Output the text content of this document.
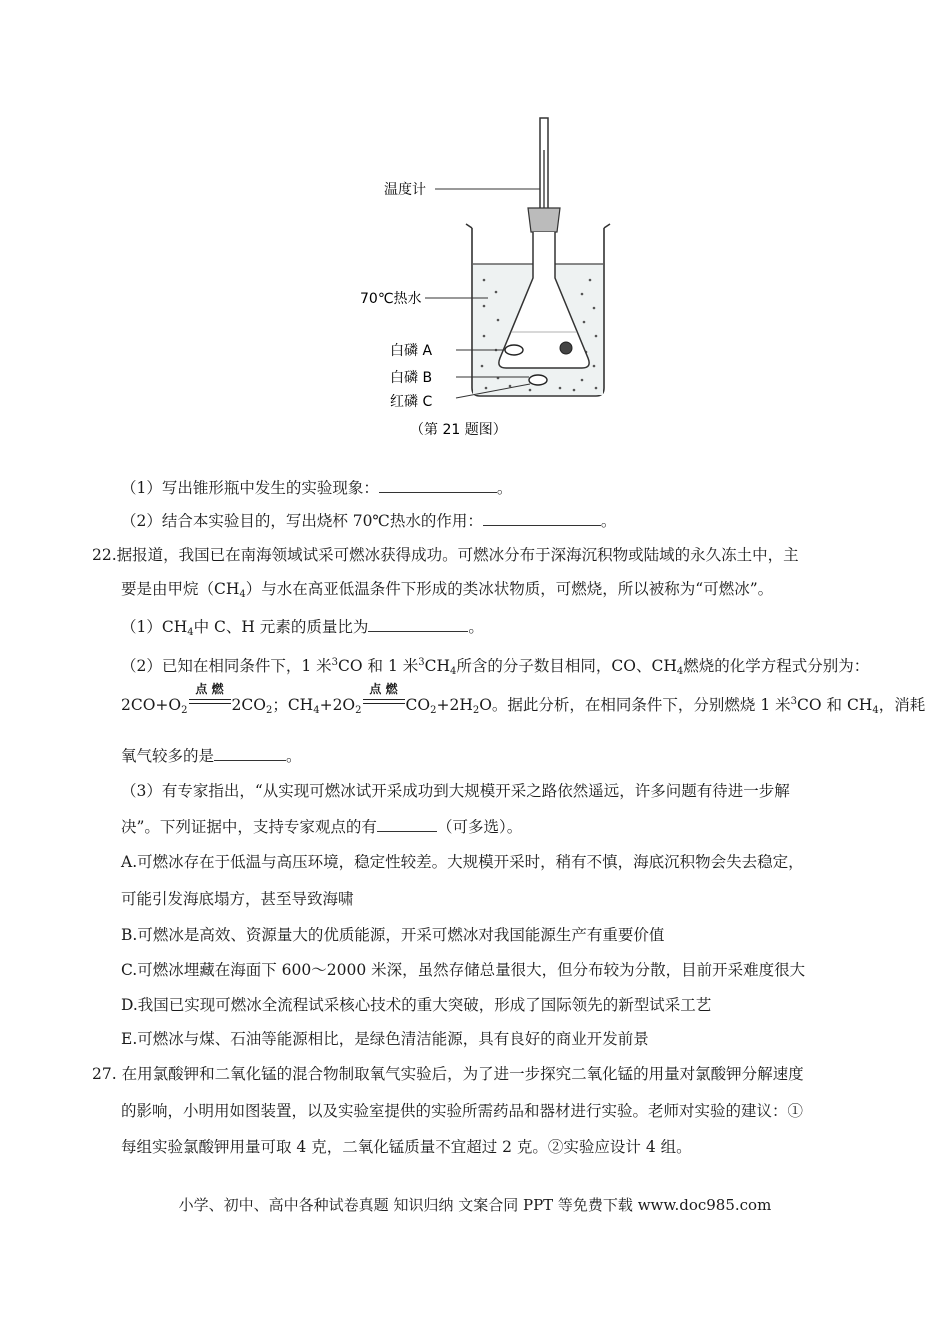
温度计
70℃热水
白磷 A
白磷 B
红磷 C
（第 21 题图）
（1）写出锥形瓶中发生的实验现象：	。
（2）结合本实验目的，写出烧杯 70℃热水的作用：	。
22.据报道，我国已在南海领域试采可燃冰获得成功。可燃冰分布于深海沉积物或陆域的永久冻土中，主
要是由甲烷$(CH_4)$与水在高亚低温条件下形成的类冰状物质，可燃烧，所以被称为“可燃冰”。
$(1)CH_4$中 C、H 元素的质量比为	。
（2）已知在相同条件下，1 米$^3$CO 和 1 米$^3CH_4$所含的分子数目相同，CO、$CH_4$燃烧的化学方程式分别为：
$2CO+O_2$
点 燃
$2CO_2$；$CH_4+2O_2$
点 燃
$CO_2+2H_2O$。据此分析，在相同条件下，分别燃烧 1 米$^3$CO 和 $CH_4$，消耗
氧气较多的是	。
（3）有专家指出，“从实现可燃冰试开采成功到大规模开采之路依然遥远，许多问题有待进一步解
决”。下列证据中，支持专家观点的有	（可多选）。
A.可燃冰存在于低温与高压环境，稳定性较差。大规模开采时，稍有不慎，海底沉积物会失去稳定，
可能引发海底塌方，甚至导致海啸
B.可燃冰是高效、资源量大的优质能源，开采可燃冰对我国能源生产有重要价值
C.可燃冰埋藏在海面下 600～2000 米深，虽然存储总量很大，但分布较为分散，目前开采难度很大
D.我国已实现可燃冰全流程试采核心技术的重大突破，形成了国际领先的新型试采工艺
E.可燃冰与煤、石油等能源相比，是绿色清洁能源，具有良好的商业开发前景
27. 在用氯酸钾和二氧化锰的混合物制取氧气实验后，为了进一步探究二氧化锰的用量对氯酸钾分解速度
的影响，小明用如图装置，以及实验室提供的实验所需药品和器材进行实验。老师对实验的建议：①
每组实验氯酸钾用量可取 4 克，二氧化锰质量不宜超过 2 克。②实验应设计 4 组。
小学、初中、高中各种试卷真题 知识归纳 文案合同 PPT 等免费下载 www.doc985.com
